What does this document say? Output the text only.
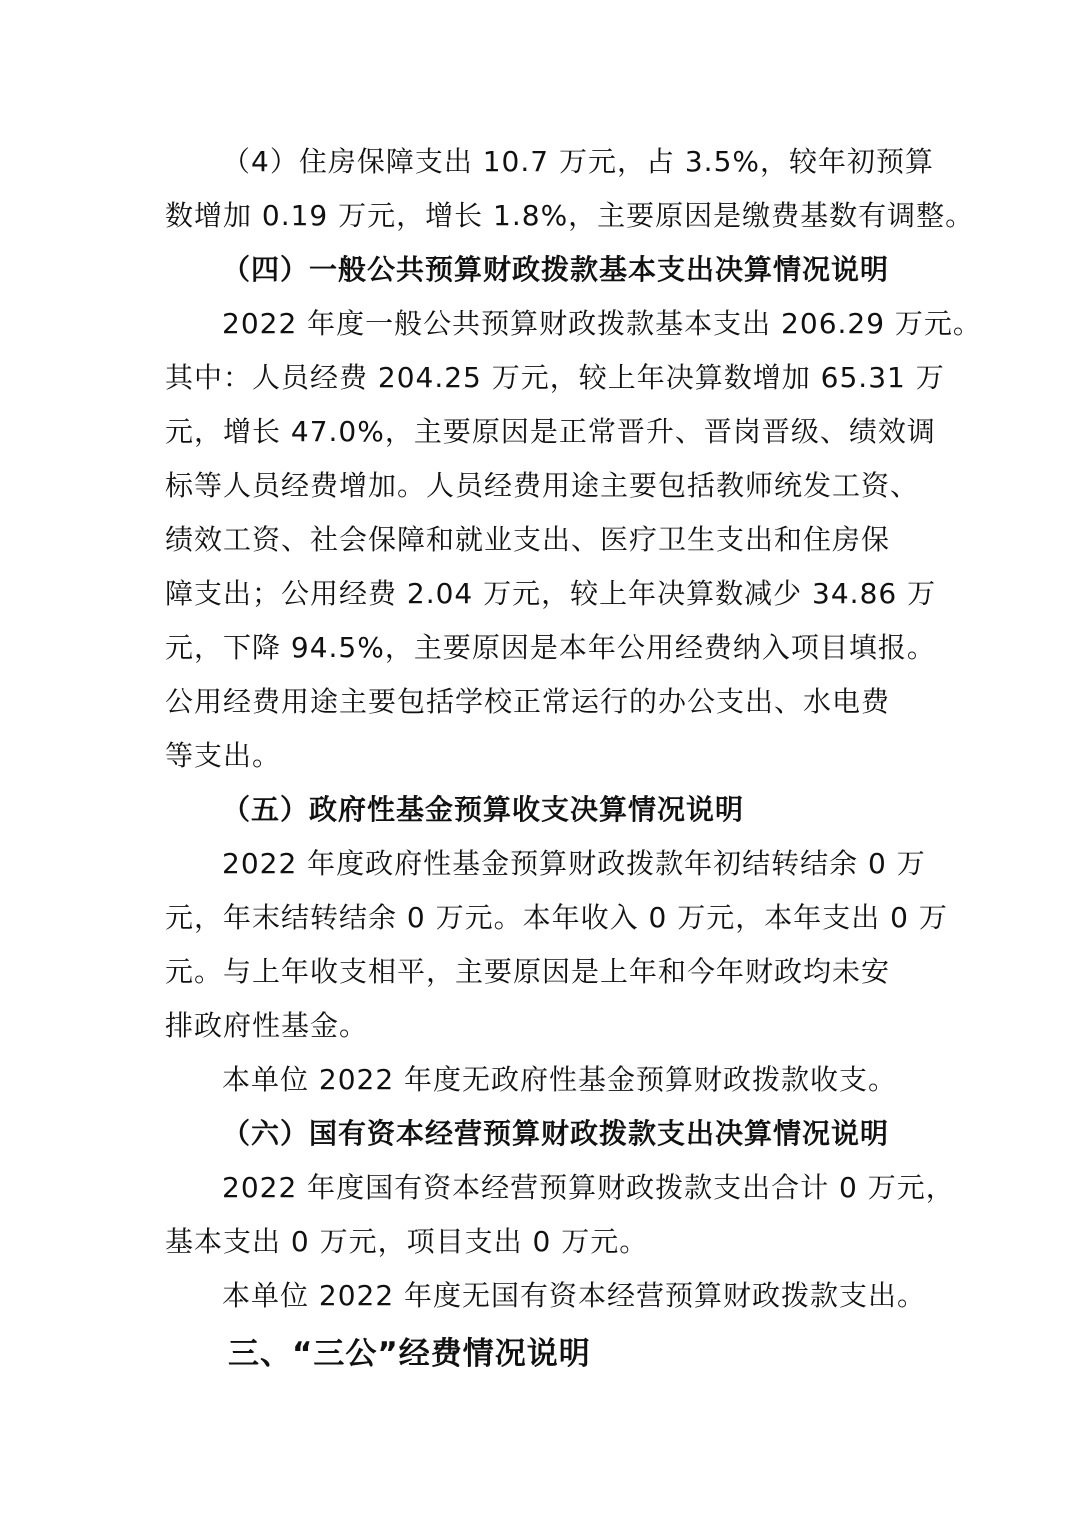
（4）住房保障支出 10.7 万元，占 3.5%，较年初预算
数增加 0.19 万元，增长 1.8%，主要原因是缴费基数有调整。
（四）一般公共预算财政拨款基本支出决算情况说明
2022 年度一般公共预算财政拨款基本支出 206.29 万元。
其中：人员经费 204.25 万元，较上年决算数增加 65.31 万
元，增长 47.0%，主要原因是正常晋升、晋岗晋级、绩效调
标等人员经费增加。人员经费用途主要包括教师统发工资、
绩效工资、社会保障和就业支出、医疗卫生支出和住房保
障支出；公用经费 2.04 万元，较上年决算数减少 34.86 万
元，下降 94.5%，主要原因是本年公用经费纳入项目填报。
公用经费用途主要包括学校正常运行的办公支出、水电费
等支出。
（五）政府性基金预算收支决算情况说明
2022 年度政府性基金预算财政拨款年初结转结余 0 万
元，年末结转结余 0 万元。本年收入 0 万元，本年支出 0 万
元。与上年收支相平，主要原因是上年和今年财政均未安
排政府性基金。
本单位 2022 年度无政府性基金预算财政拨款收支。
（六）国有资本经营预算财政拨款支出决算情况说明
2022 年度国有资本经营预算财政拨款支出合计 0 万元，
基本支出 0 万元，项目支出 0 万元。
本单位 2022 年度无国有资本经营预算财政拨款支出。
三、“三公”经费情况说明
